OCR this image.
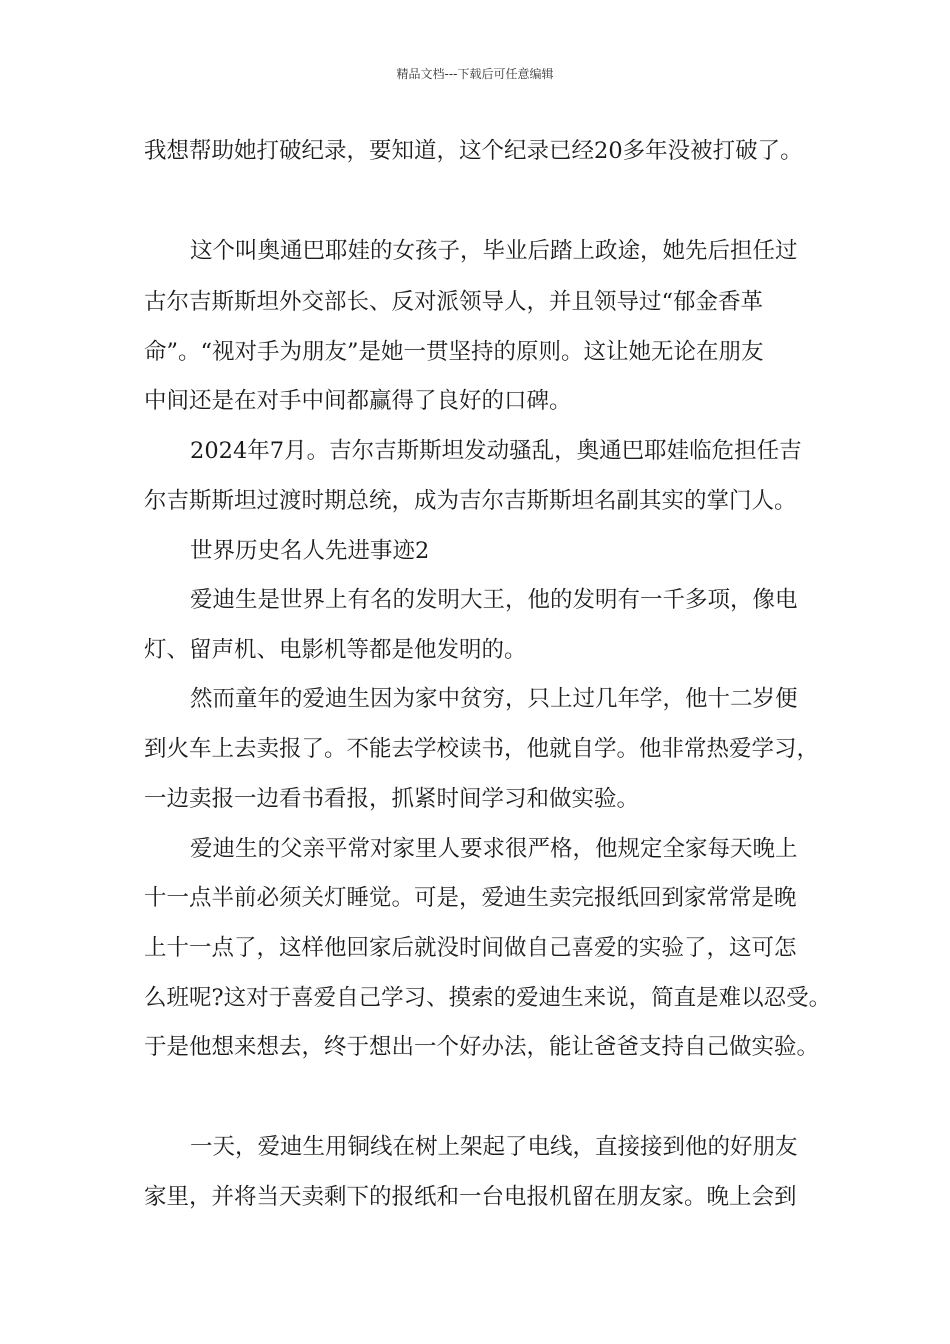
精品文档---下载后可任意编辑
我想帮助她打破纪录，要知道，这个纪录已经20多年没被打破了。
这个叫奥通巴耶娃的女孩子，毕业后踏上政途，她先后担任过
古尔吉斯斯坦外交部长、反对派领导人，并且领导过“郁金香革
命”。“视对手为朋友”是她一贯坚持的原则。这让她无论在朋友
中间还是在对手中间都赢得了良好的口碑。
2024年7月。吉尔吉斯斯坦发动骚乱，奥通巴耶娃临危担任吉
尔吉斯斯坦过渡时期总统，成为吉尔吉斯斯坦名副其实的掌门人。
世界历史名人先进事迹2
爱迪生是世界上有名的发明大王，他的发明有一千多项，像电
灯、留声机、电影机等都是他发明的。
然而童年的爱迪生因为家中贫穷，只上过几年学，他十二岁便
到火车上去卖报了。不能去学校读书，他就自学。他非常热爱学习，
一边卖报一边看书看报，抓紧时间学习和做实验。
爱迪生的父亲平常对家里人要求很严格，他规定全家每天晚上
十一点半前必须关灯睡觉。可是，爱迪生卖完报纸回到家常常是晚
上十一点了，这样他回家后就没时间做自己喜爱的实验了，这可怎
么班呢?这对于喜爱自己学习、摸索的爱迪生来说，简直是难以忍受。
于是他想来想去，终于想出一个好办法，能让爸爸支持自己做实验。
一天，爱迪生用铜线在树上架起了电线，直接接到他的好朋友
家里，并将当天卖剩下的报纸和一台电报机留在朋友家。晚上会到
